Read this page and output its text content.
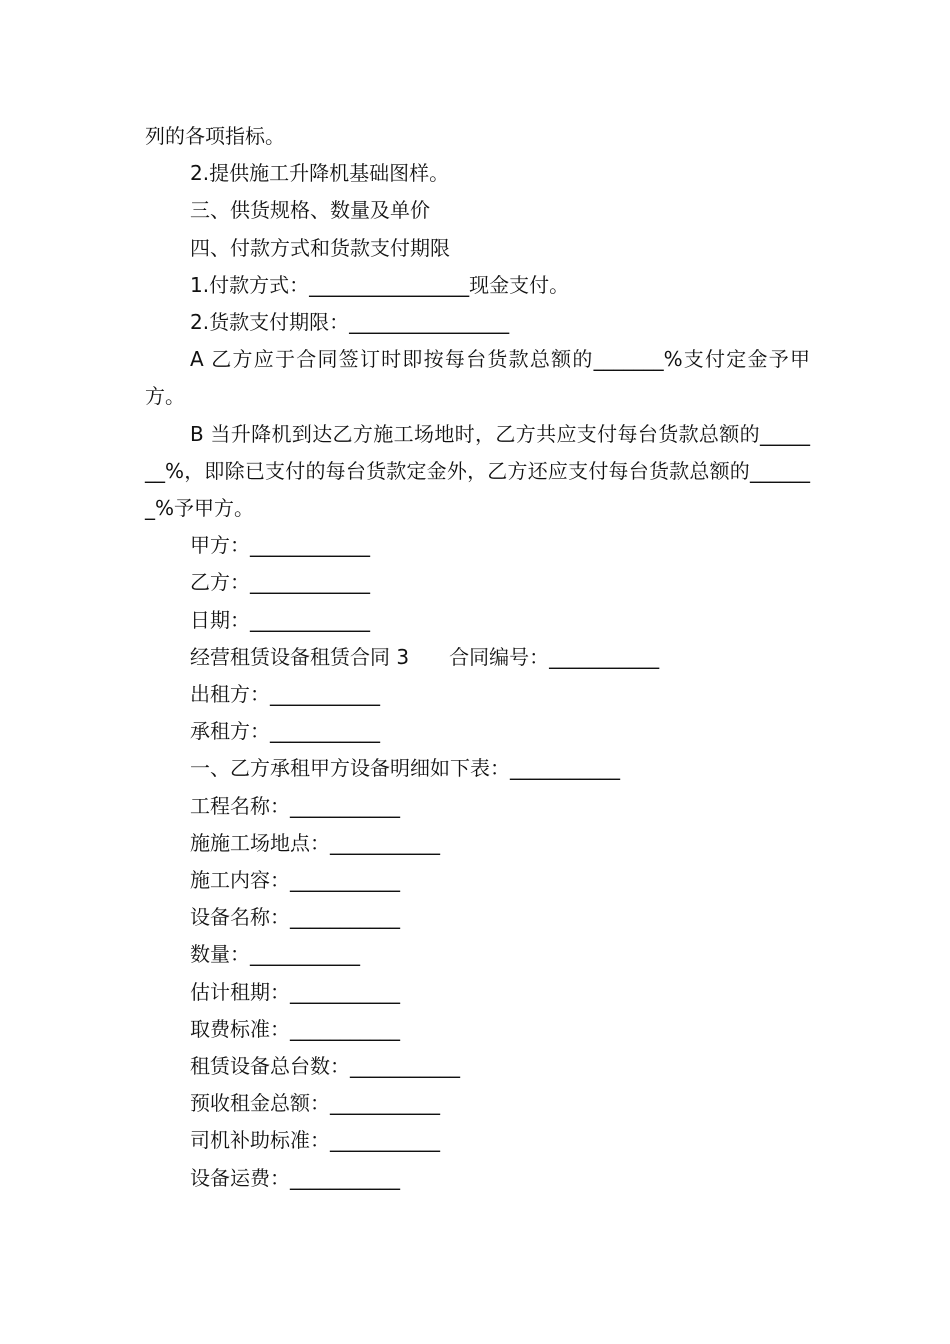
列的各项指标。

2.提供施工升降机基础图样。

三、供货规格、数量及单价

四、付款方式和货款支付期限

1.付款方式：________________现金支付。

2.货款支付期限：________________

A 乙方应于合同签订时即按每台货款总额的_______%支付定金予甲方。

B 当升降机到达乙方施工场地时，乙方共应支付每台货款总额的_______%，即除已支付的每台货款定金外，乙方还应支付每台货款总额的_______%予甲方。

甲方：____________

乙方：____________

日期：____________

经营租赁设备租赁合同 3　　合同编号：___________

出租方：___________

承租方：___________

一、乙方承租甲方设备明细如下表：___________

工程名称：___________

施施工场地点：___________

施工内容：___________

设备名称：___________

数量：___________

估计租期：___________

取费标准：___________

租赁设备总台数：___________

预收租金总额：___________

司机补助标准：___________

设备运费：___________
